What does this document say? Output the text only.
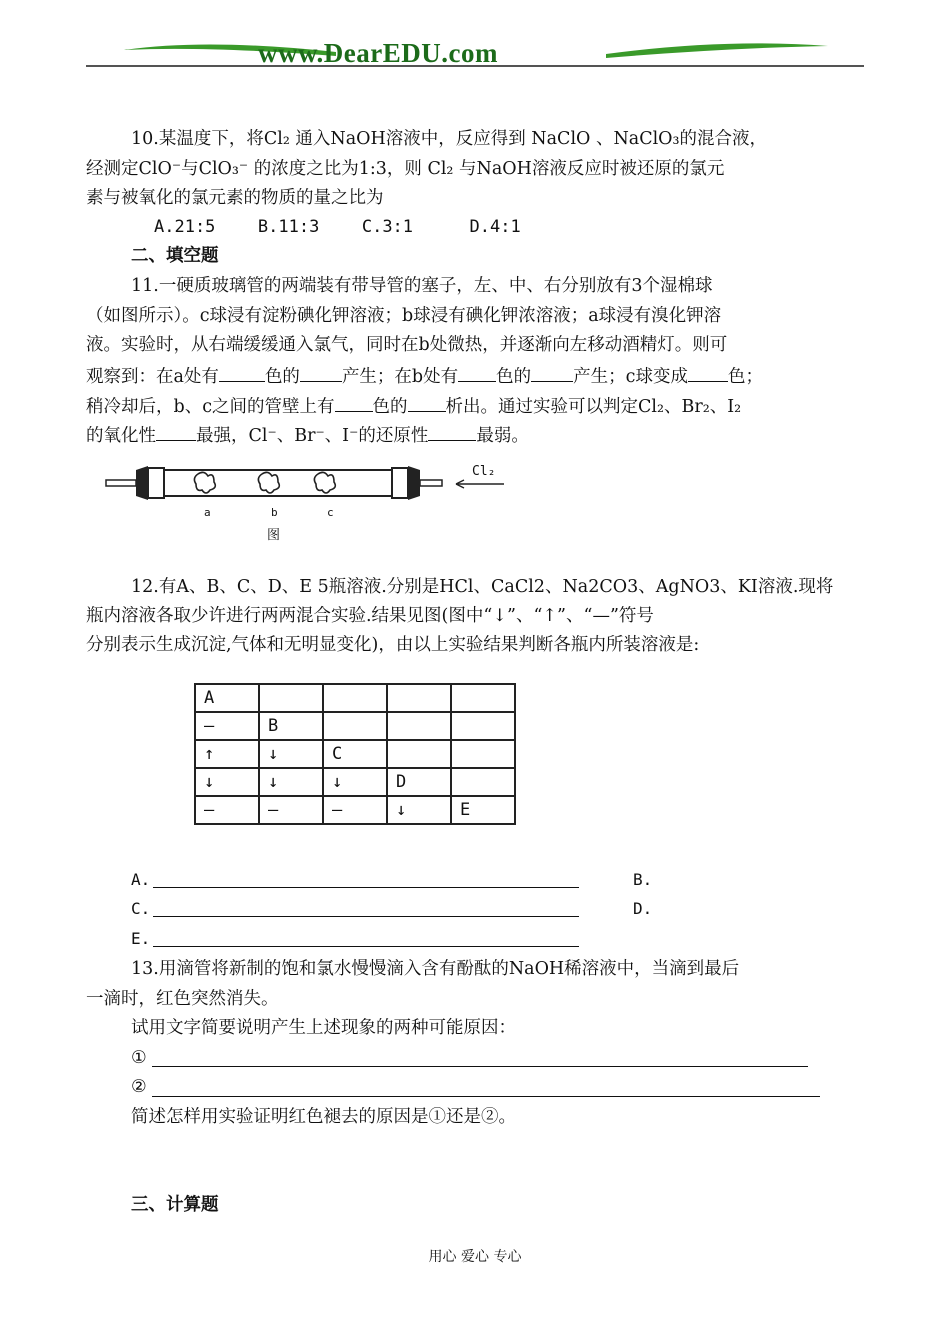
www.DearEDU.com
10.某温度下，将Cl₂ 通入NaOH溶液中，反应得到 NaClO 、NaClO₃的混合液，
经测定ClO⁻与ClO₃⁻ 的浓度之比为1:3，则 Cl₂ 与NaOH溶液反应时被还原的氯元
素与被氧化的氯元素的物质的量之比为
A.21:5	B.11:3	C.3:1	D.4:1
二、填空题
11.一硬质玻璃管的两端装有带导管的塞子，左、中、右分别放有3个湿棉球
（如图所示）。c球浸有淀粉碘化钾溶液；b球浸有碘化钾浓溶液；a球浸有溴化钾溶
液。实验时，从右端缓缓通入氯气，同时在b处微热，并逐渐向左移动酒精灯。则可
观察到：在a处有	色的 产生；在b处有 色的 产生；c球变成 色；
稍冷却后，b、c之间的管壁上有 色的 析出。通过实验可以判定Cl₂、Br₂、I₂
的氧化性 最强，Cl⁻、Br⁻、I⁻的还原性	最弱。
Cl₂
a	b	c
图
12.有A、B、C、D、E 5瓶溶液.分别是HCl、CaCl2、Na2CO3、AgNO3、KI溶液.现将
瓶内溶液各取少许进行两两混合实验.结果见图(图中“↓”、“↑”、“—”符号
分别表示生成沉淀,气体和无明显变化)，由以上实验结果判断各瓶内所装溶液是:
A				
—	B			
↑	↓	C		
↓	↓	↓	D	
—	—	—	↓	E
A.	B.
C.	D.
E.
13.用滴管将新制的饱和氯水慢慢滴入含有酚酞的NaOH稀溶液中，当滴到最后
一滴时，红色突然消失。
试用文字简要说明产生上述现象的两种可能原因：
①
②
简述怎样用实验证明红色褪去的原因是①还是②。
三、计算题
用心 爱心 专心
